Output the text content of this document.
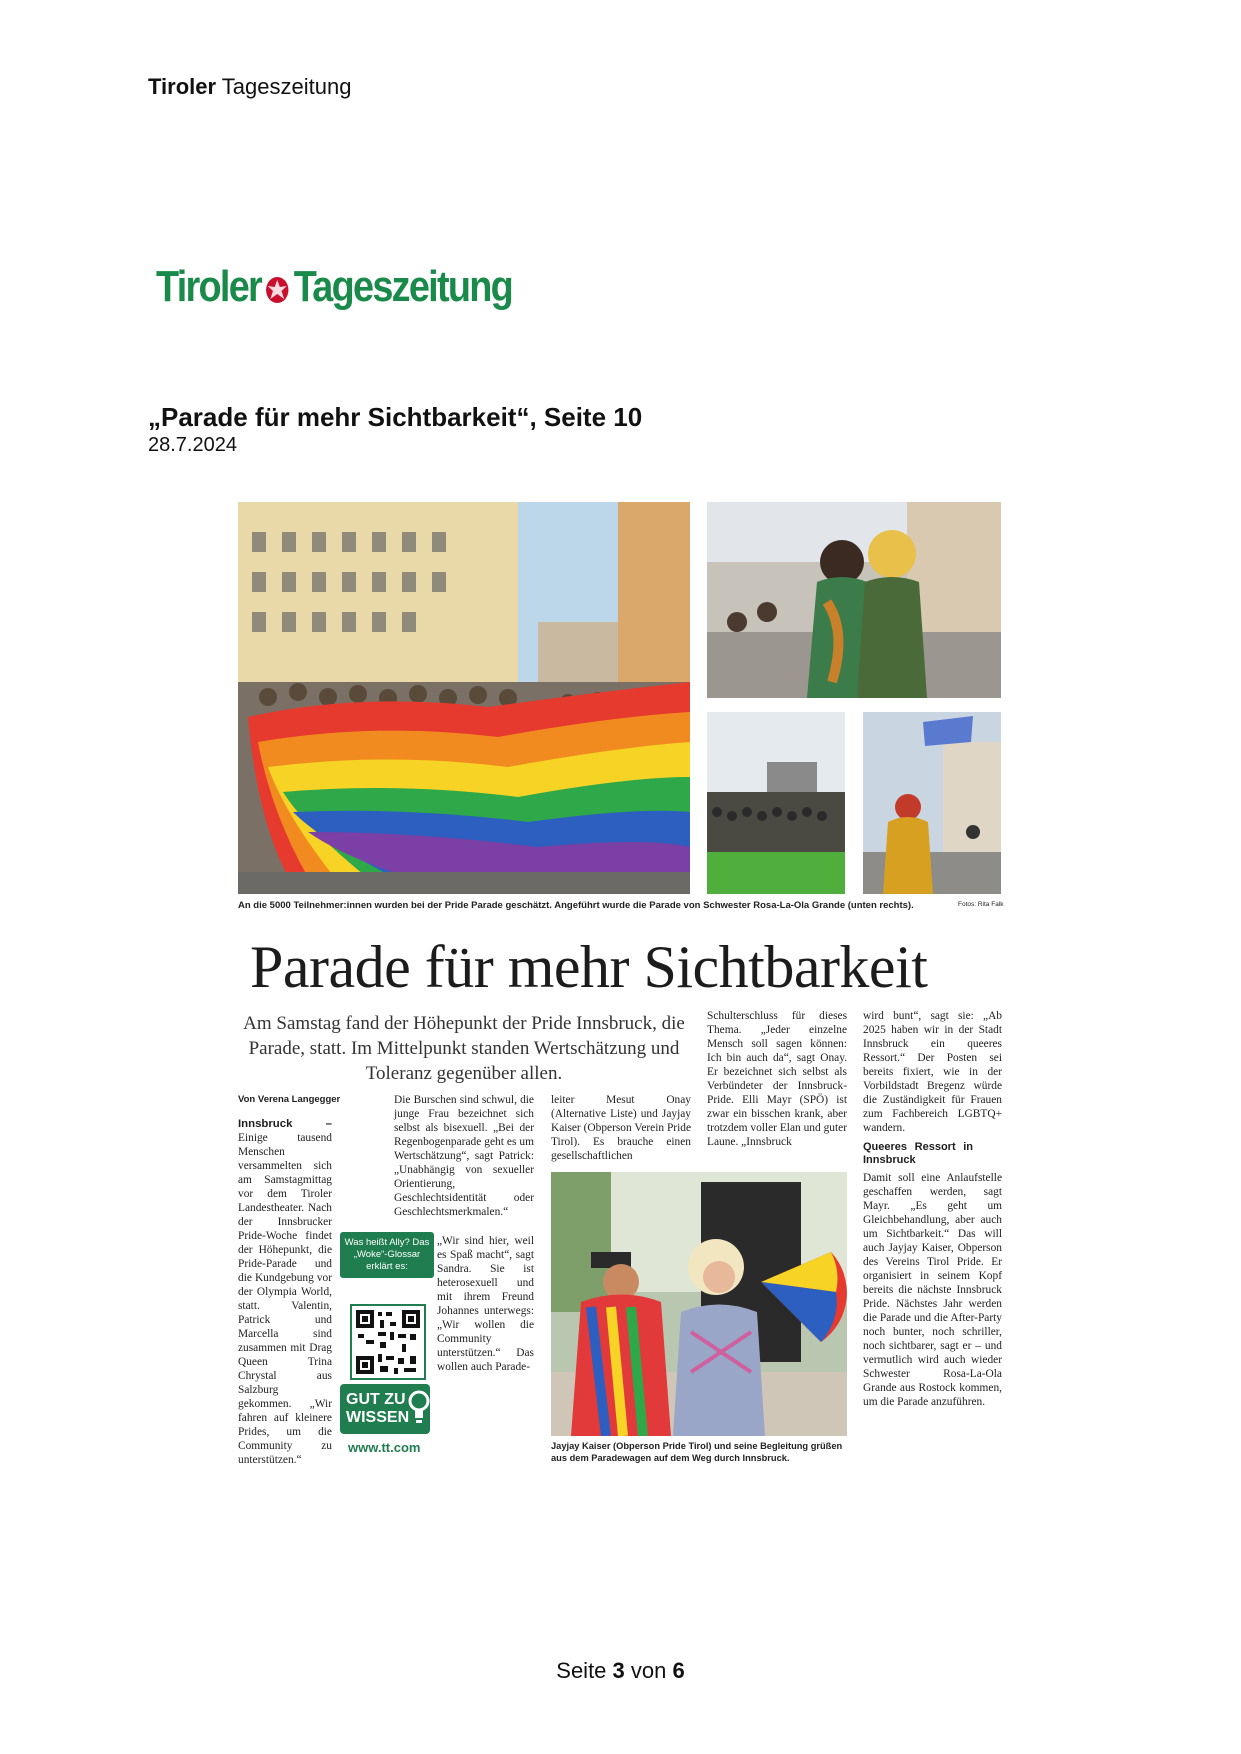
Tiroler Tageszeitung
Tiroler Tageszeitung
„Parade für mehr Sichtbarkeit“, Seite 10
28.7.2024
An die 5000 Teilnehmer:innen wurden bei der Pride Parade geschätzt. Angeführt wurde die Parade von Schwester Rosa-La-Ola Grande (unten rechts).	Fotos: Rita Falk
Parade für mehr Sichtbarkeit
Am Samstag fand der Höhepunkt der Pride Innsbruck, die Parade, statt. Im Mittelpunkt standen Wertschätzung und Toleranz gegenüber allen.
Von Verena Langegger

Innsbruck – Einige tausend Menschen versammelten sich am Samstagmittag vor dem Tiroler Landestheater. Nach der Innsbrucker Pride-Woche findet der Höhepunkt, die Pride-Parade und die Kundgebung vor der Olympia World, statt. Valentin, Patrick und Marcella sind zusammen mit Drag Queen Trina Chrystal aus Salzburg gekommen. „Wir fahren auf kleinere Prides, um die Community zu unterstützen.“

Die Burschen sind schwul, die junge Frau bezeichnet sich selbst als bisexuell. „Bei der Regenbogenparade geht es um Wertschätzung“, sagt Patrick: „Unabhängig von sexueller Orientierung, Geschlechtsidentität oder Geschlechtsmerkmalen.“

„Wir sind hier, weil es Spaß macht“, sagt Sandra. Sie ist heterosexuell und mit ihrem Freund Johannes unterwegs: „Wir wollen die Community unterstützen.“ Das wollen auch Parade-

Was heißt Ally? Das „Woke“-Glossar erklärt es:
GUT ZU
WISSEN
www.tt.com

leiter Mesut Onay (Alternative Liste) und Jayjay Kaiser (Obperson Verein Pride Tirol). Es brauche einen gesellschaftlichen

Schulterschluss für dieses Thema. „Jeder einzelne Mensch soll sagen können: Ich bin auch da“, sagt Onay. Er bezeichnet sich selbst als Verbündeter der Innsbruck-Pride. Elli Mayr (SPÖ) ist zwar ein bisschen krank, aber trotzdem voller Elan und guter Laune. „Innsbruck

Jayjay Kaiser (Obperson Pride Tirol) und seine Begleitung grüßen aus dem Paradewagen auf dem Weg durch Innsbruck.

wird bunt“, sagt sie: „Ab 2025 haben wir in der Stadt Innsbruck ein queeres Ressort.“ Der Posten sei bereits fixiert, wie in der Vorbildstadt Bregenz würde die Zuständigkeit für Frauen zum Fachbereich LGBTQ+ wandern.

Queeres Ressort in Innsbruck

Damit soll eine Anlaufstelle geschaffen werden, sagt Mayr. „Es geht um Gleichbehandlung, aber auch um Sichtbarkeit.“ Das will auch Jayjay Kaiser, Obperson des Vereins Tirol Pride. Er organisiert in seinem Kopf bereits die nächste Innsbruck Pride. Nächstes Jahr werden die Parade und die After-Party noch bunter, noch schriller, noch sichtbarer, sagt er – und vermutlich wird auch wieder Schwester Rosa-La-Ola Grande aus Rostock kommen, um die Parade anzuführen.

Seite 3 von 6
